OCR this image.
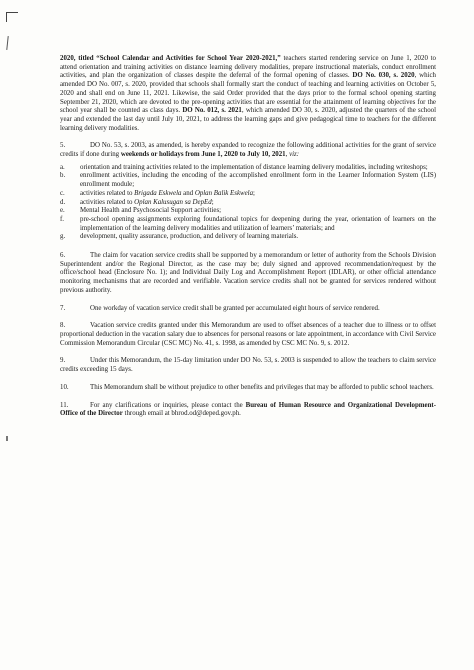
2020, titled “School Calendar and Activities for School Year 2020-2021,” teachers started rendering service on June 1, 2020 to attend orientation and training activities on distance learning delivery modalities, prepare instructional materials, conduct enrollment activities, and plan the organization of classes despite the deferral of the formal opening of classes. DO No. 030, s. 2020, which amended DO No. 007, s. 2020, provided that schools shall formally start the conduct of teaching and learning activities on October 5, 2020 and shall end on June 11, 2021. Likewise, the said Order provided that the days prior to the formal school opening starting September 21, 2020, which are devoted to the pre-opening activities that are essential for the attainment of learning objectives for the school year shall be counted as class days. DO No. 012, s. 2021, which amended DO 30, s. 2020, adjusted the quarters of the school year and extended the last day until July 10, 2021, to address the learning gaps and give pedagogical time to teachers for the different learning delivery modalities.

5.	DO No. 53, s. 2003, as amended, is hereby expanded to recognize the following additional activities for the grant of service credits if done during weekends or holidays from June 1, 2020 to July 10, 2021, viz:

a. orientation and training activities related to the implementation of distance learning delivery modalities, including writeshops;
b. enrollment activities, including the encoding of the accomplished enrollment form in the Learner Information System (LIS) enrollment module;
c. activities related to Brigada Eskwela and Oplan Balik Eskwela;
d. activities related to Oplan Kalusugan sa DepEd;
e. Mental Health and Psychosocial Support activities;
f. pre-school opening assignments exploring foundational topics for deepening during the year, orientation of learners on the implementation of the learning delivery modalities and utilization of learners’ materials; and
g. development, quality assurance, production, and delivery of learning materials.

6.	The claim for vacation service credits shall be supported by a memorandum or letter of authority from the Schools Division Superintendent and/or the Regional Director, as the case may be; duly signed and approved recommendation/request by the office/school head (Enclosure No. 1); and Individual Daily Log and Accomplishment Report (IDLAR), or other official attendance monitoring mechanisms that are recorded and verifiable. Vacation service credits shall not be granted for services rendered without previous authority.

7.	One workday of vacation service credit shall be granted per accumulated eight hours of service rendered.

8.	Vacation service credits granted under this Memorandum are used to offset absences of a teacher due to illness or to offset proportional deduction in the vacation salary due to absences for personal reasons or late appointment, in accordance with Civil Service Commission Memorandum Circular (CSC MC) No. 41, s. 1998, as amended by CSC MC No. 9, s. 2012.

9.	Under this Memorandum, the 15-day limitation under DO No. 53, s. 2003 is suspended to allow the teachers to claim service credits exceeding 15 days.

10.	This Memorandum shall be without prejudice to other benefits and privileges that may be afforded to public school teachers.

11.	For any clarifications or inquiries, please contact the Bureau of Human Resource and Organizational Development-Office of the Director through email at bhrod.od@deped.gov.ph.
